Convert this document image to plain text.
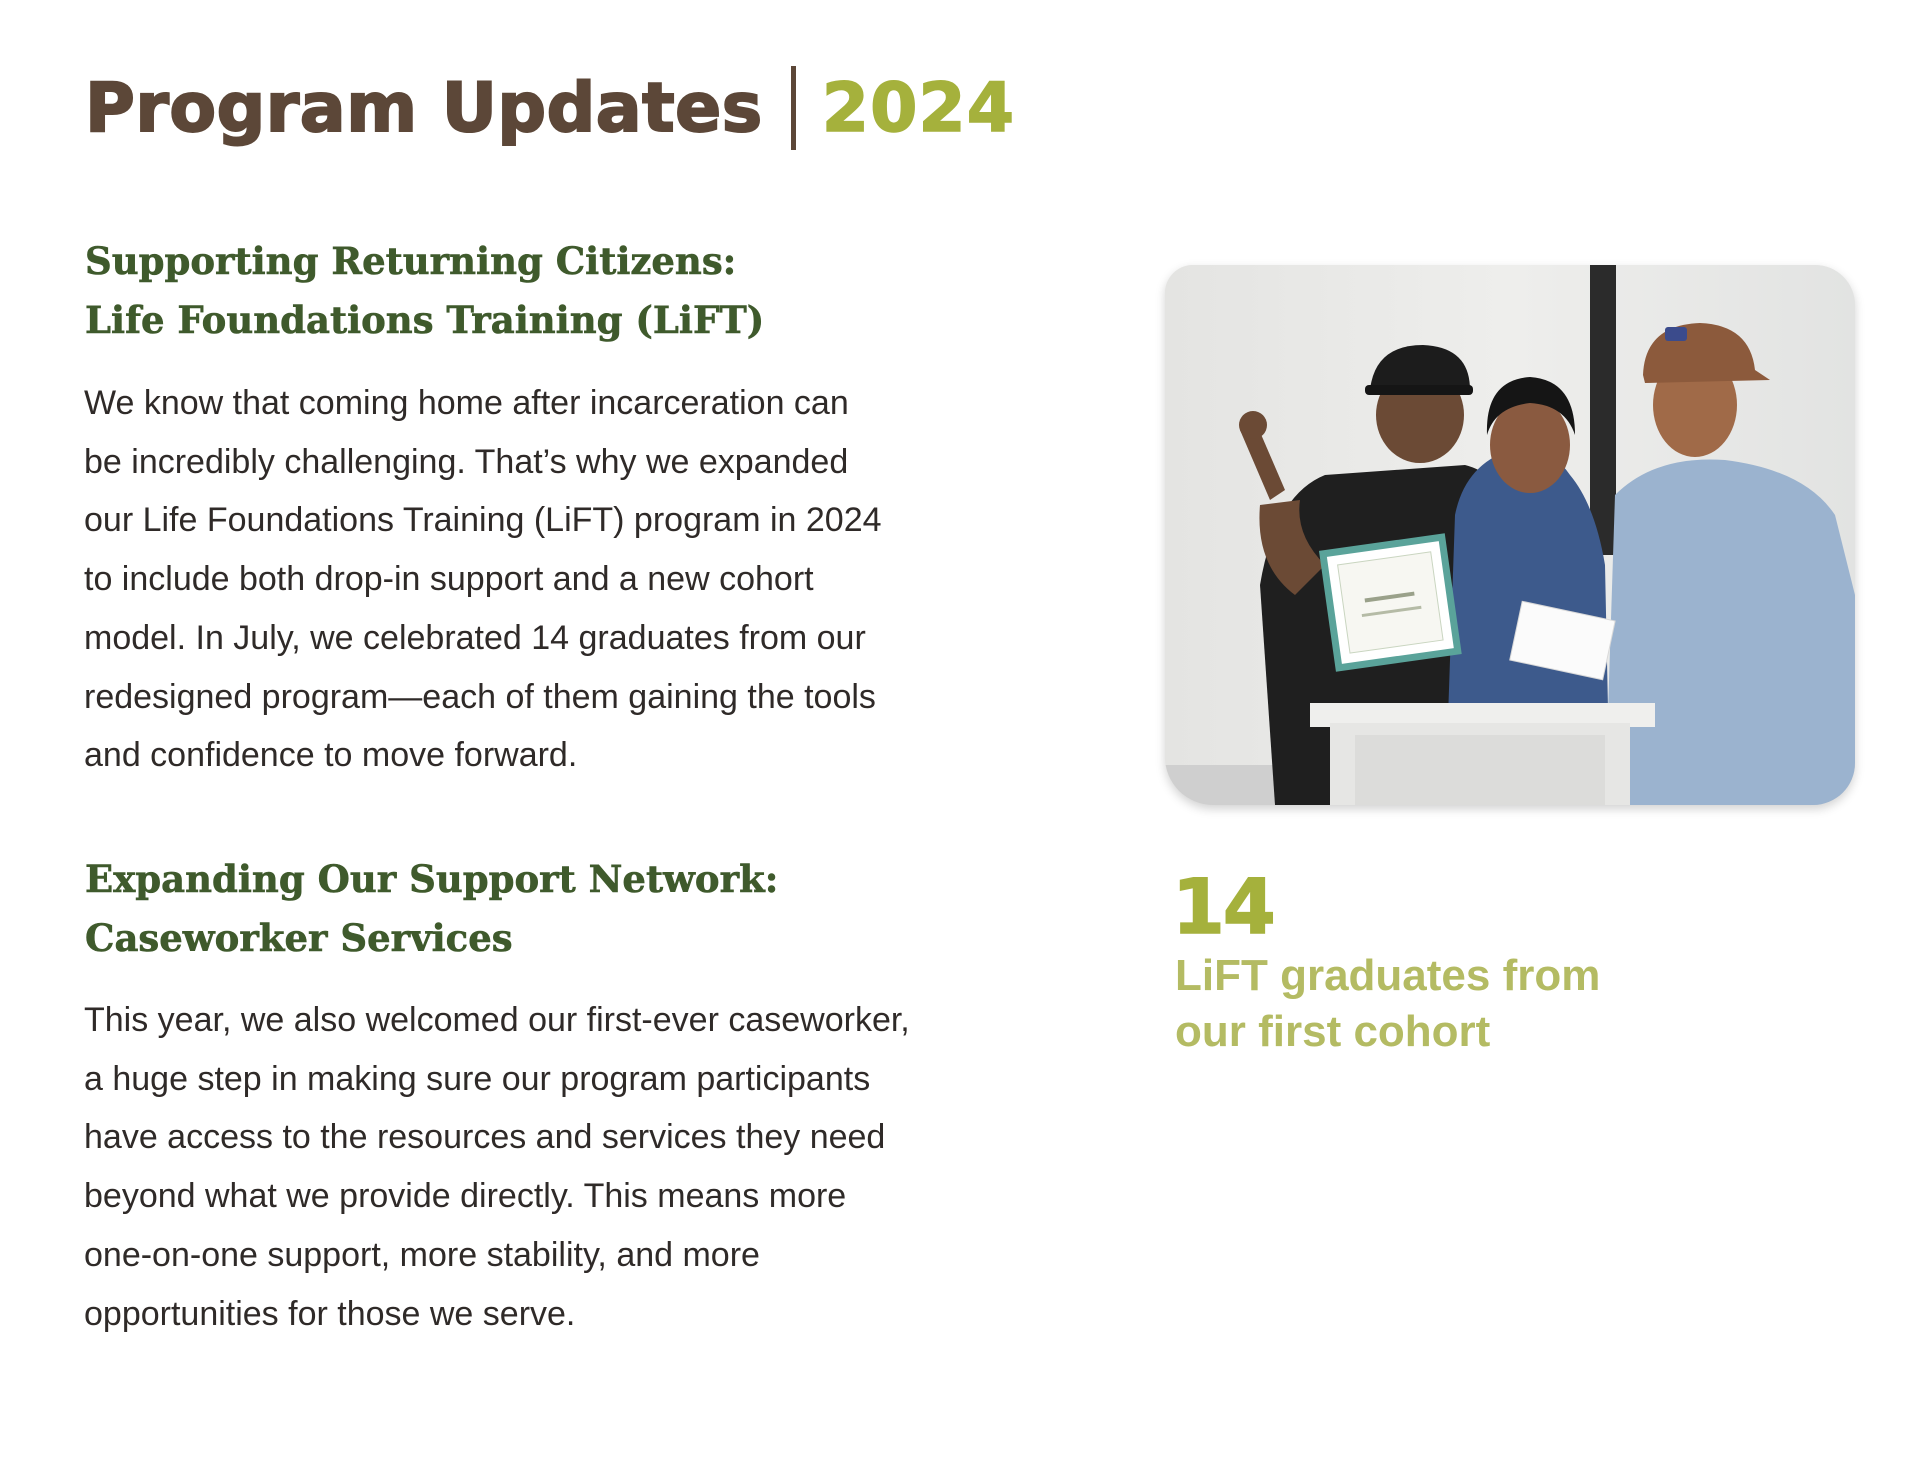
Program Updates 2024
Supporting Returning Citizens:
Life Foundations Training (LiFT)
We know that coming home after incarceration can
be incredibly challenging. That’s why we expanded
our Life Foundations Training (LiFT) program in 2024
to include both drop-in support and a new cohort
model. In July, we celebrated 14 graduates from our
redesigned program—each of them gaining the tools
and confidence to move forward.
Expanding Our Support Network:
Caseworker Services
This year, we also welcomed our first-ever caseworker,
a huge step in making sure our program participants
have access to the resources and services they need
beyond what we provide directly. This means more
one-on-one support, more stability, and more
opportunities for those we serve.
14
LiFT graduates from
our first cohort
